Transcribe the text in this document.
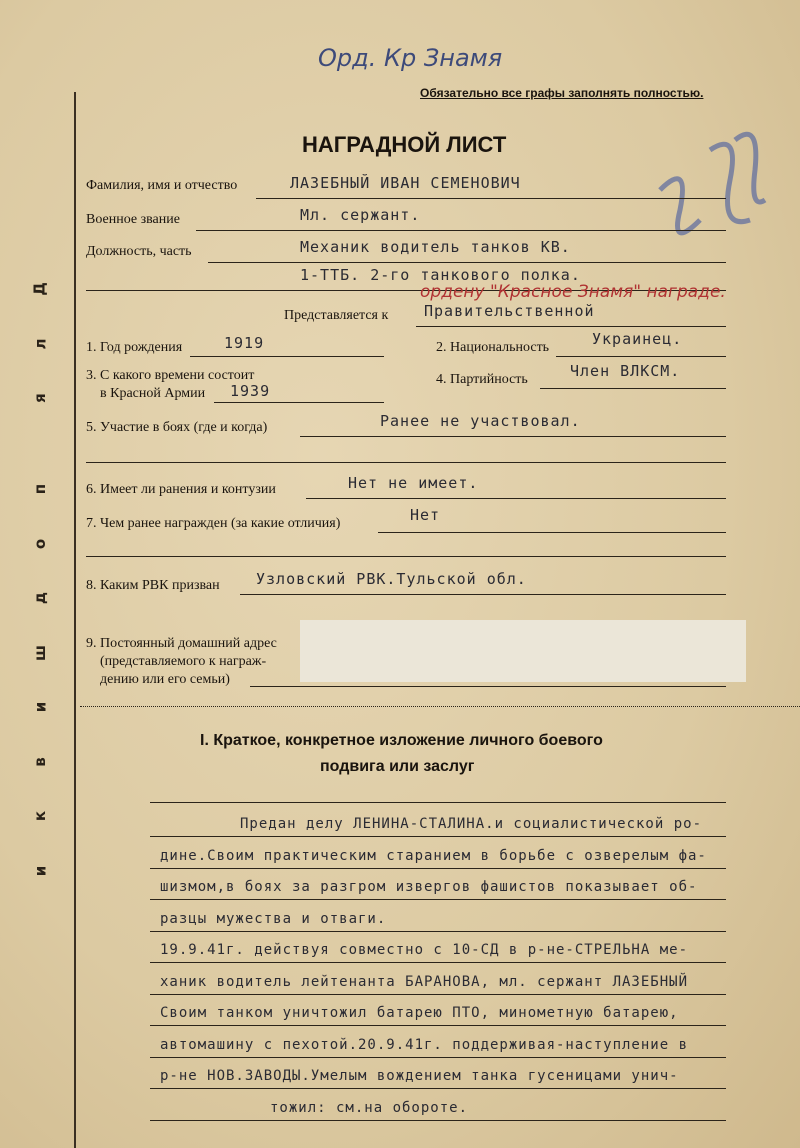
Д
л
я
п
о
д
ш
и
в
к
и
Орд. Кр Знамя
Обязательно все графы заполнять полностью.
НАГРАДНОЙ ЛИСТ
Фамилия, имя и отчество	ЛАЗЕБНЫЙ ИВАН СЕМЕНОВИЧ
Военное звание	Мл. сержант.
Должность, часть	Механик водитель танков КВ.
1-ТТБ. 2-го танкового полка.
Представляется к Правительственной
ордену "Красное Знамя" награде.
1. Год рождения	1919	2. Национальность	Украинец.
3. С какого времени состоит
в Красной Армии 1939
4. Партийность	Член ВЛКСМ.
5. Участие в боях (где и когда)	Ранее не участвовал.
6. Имеет ли ранения и контузии	Нет не имеет.
7. Чем ранее награжден (за какие отличия)	Нет
8. Каким РВК призван Узловский РВК.Тульской обл.
9. Постоянный домашний адрес
(представляемого к награж-
дению или его семьи)
I. Краткое, конкретное изложение личного боевого
подвига или заслуг
Предан делу ЛЕНИНА-СТАЛИНА.и социалистической ро-
дине.Своим практическим старанием в борьбе с озверелым фа-
шизмом,в боях за разгром извергов фашистов показывает об-
разцы мужества и отваги.
19.9.41г. действуя совместно с 10-СД в р-не-СТРЕЛЬНА ме-
ханик водитель лейтенанта БАРАНОВА, мл. сержант ЛАЗЕБНЫЙ
Своим танком уничтожил батарею ПТО, минометную батарею,
автомашину с пехотой.20.9.41г. поддерживая-наступление в
р-не НОВ.ЗАВОДЫ.Умелым вождением танка гусеницами унич-
тожил: см.на обороте.
